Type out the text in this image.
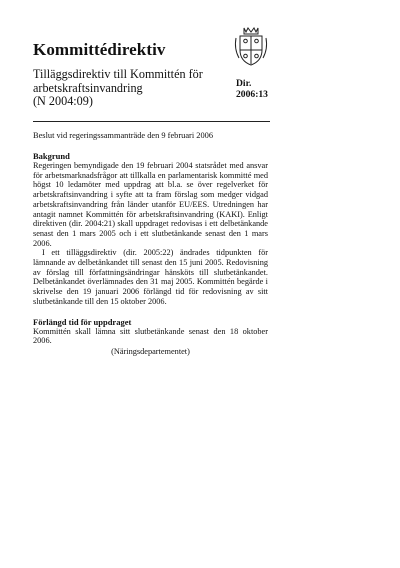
Kommittédirektiv
Tilläggsdirektiv till Kommittén för
arbetskraftsinvandring
(N 2004:09)
Dir.
2006:13
Beslut vid regeringssammanträde den 9 februari 2006
Bakgrund

Regeringen bemyndigade den 19 februari 2004 statsrådet med ansvar för arbetsmarknadsfrågor att tillkalla en parlamentarisk kommitté med högst 10 ledamöter med uppdrag att bl.a. se över regelverket för arbetskraftsinvandring i syfte att ta fram förslag som medger vidgad arbetskraftsinvandring från länder utanför EU/EES. Utredningen har antagit namnet Kommittén för arbetskraftsinvandring (KAKI). Enligt direktiven (dir. 2004:21) skall uppdraget redovisas i ett delbetänkande senast den 1 mars 2005 och i ett slutbetänkande senast den 1 mars 2006.

I ett tilläggsdirektiv (dir. 2005:22) ändrades tidpunkten för lämnande av delbetänkandet till senast den 15 juni 2005. Redovisning av förslag till författningsändringar hänsköts till slutbetänkandet. Delbetänkandet överlämnades den 31 maj 2005. Kommittén begärde i skrivelse den 19 januari 2006 förlängd tid för redovisning av sitt slutbetänkande till den 15 oktober 2006.

Förlängd tid för uppdraget

Kommittén skall lämna sitt slutbetänkande senast den 18 oktober 2006.

(Näringsdepartementet)
